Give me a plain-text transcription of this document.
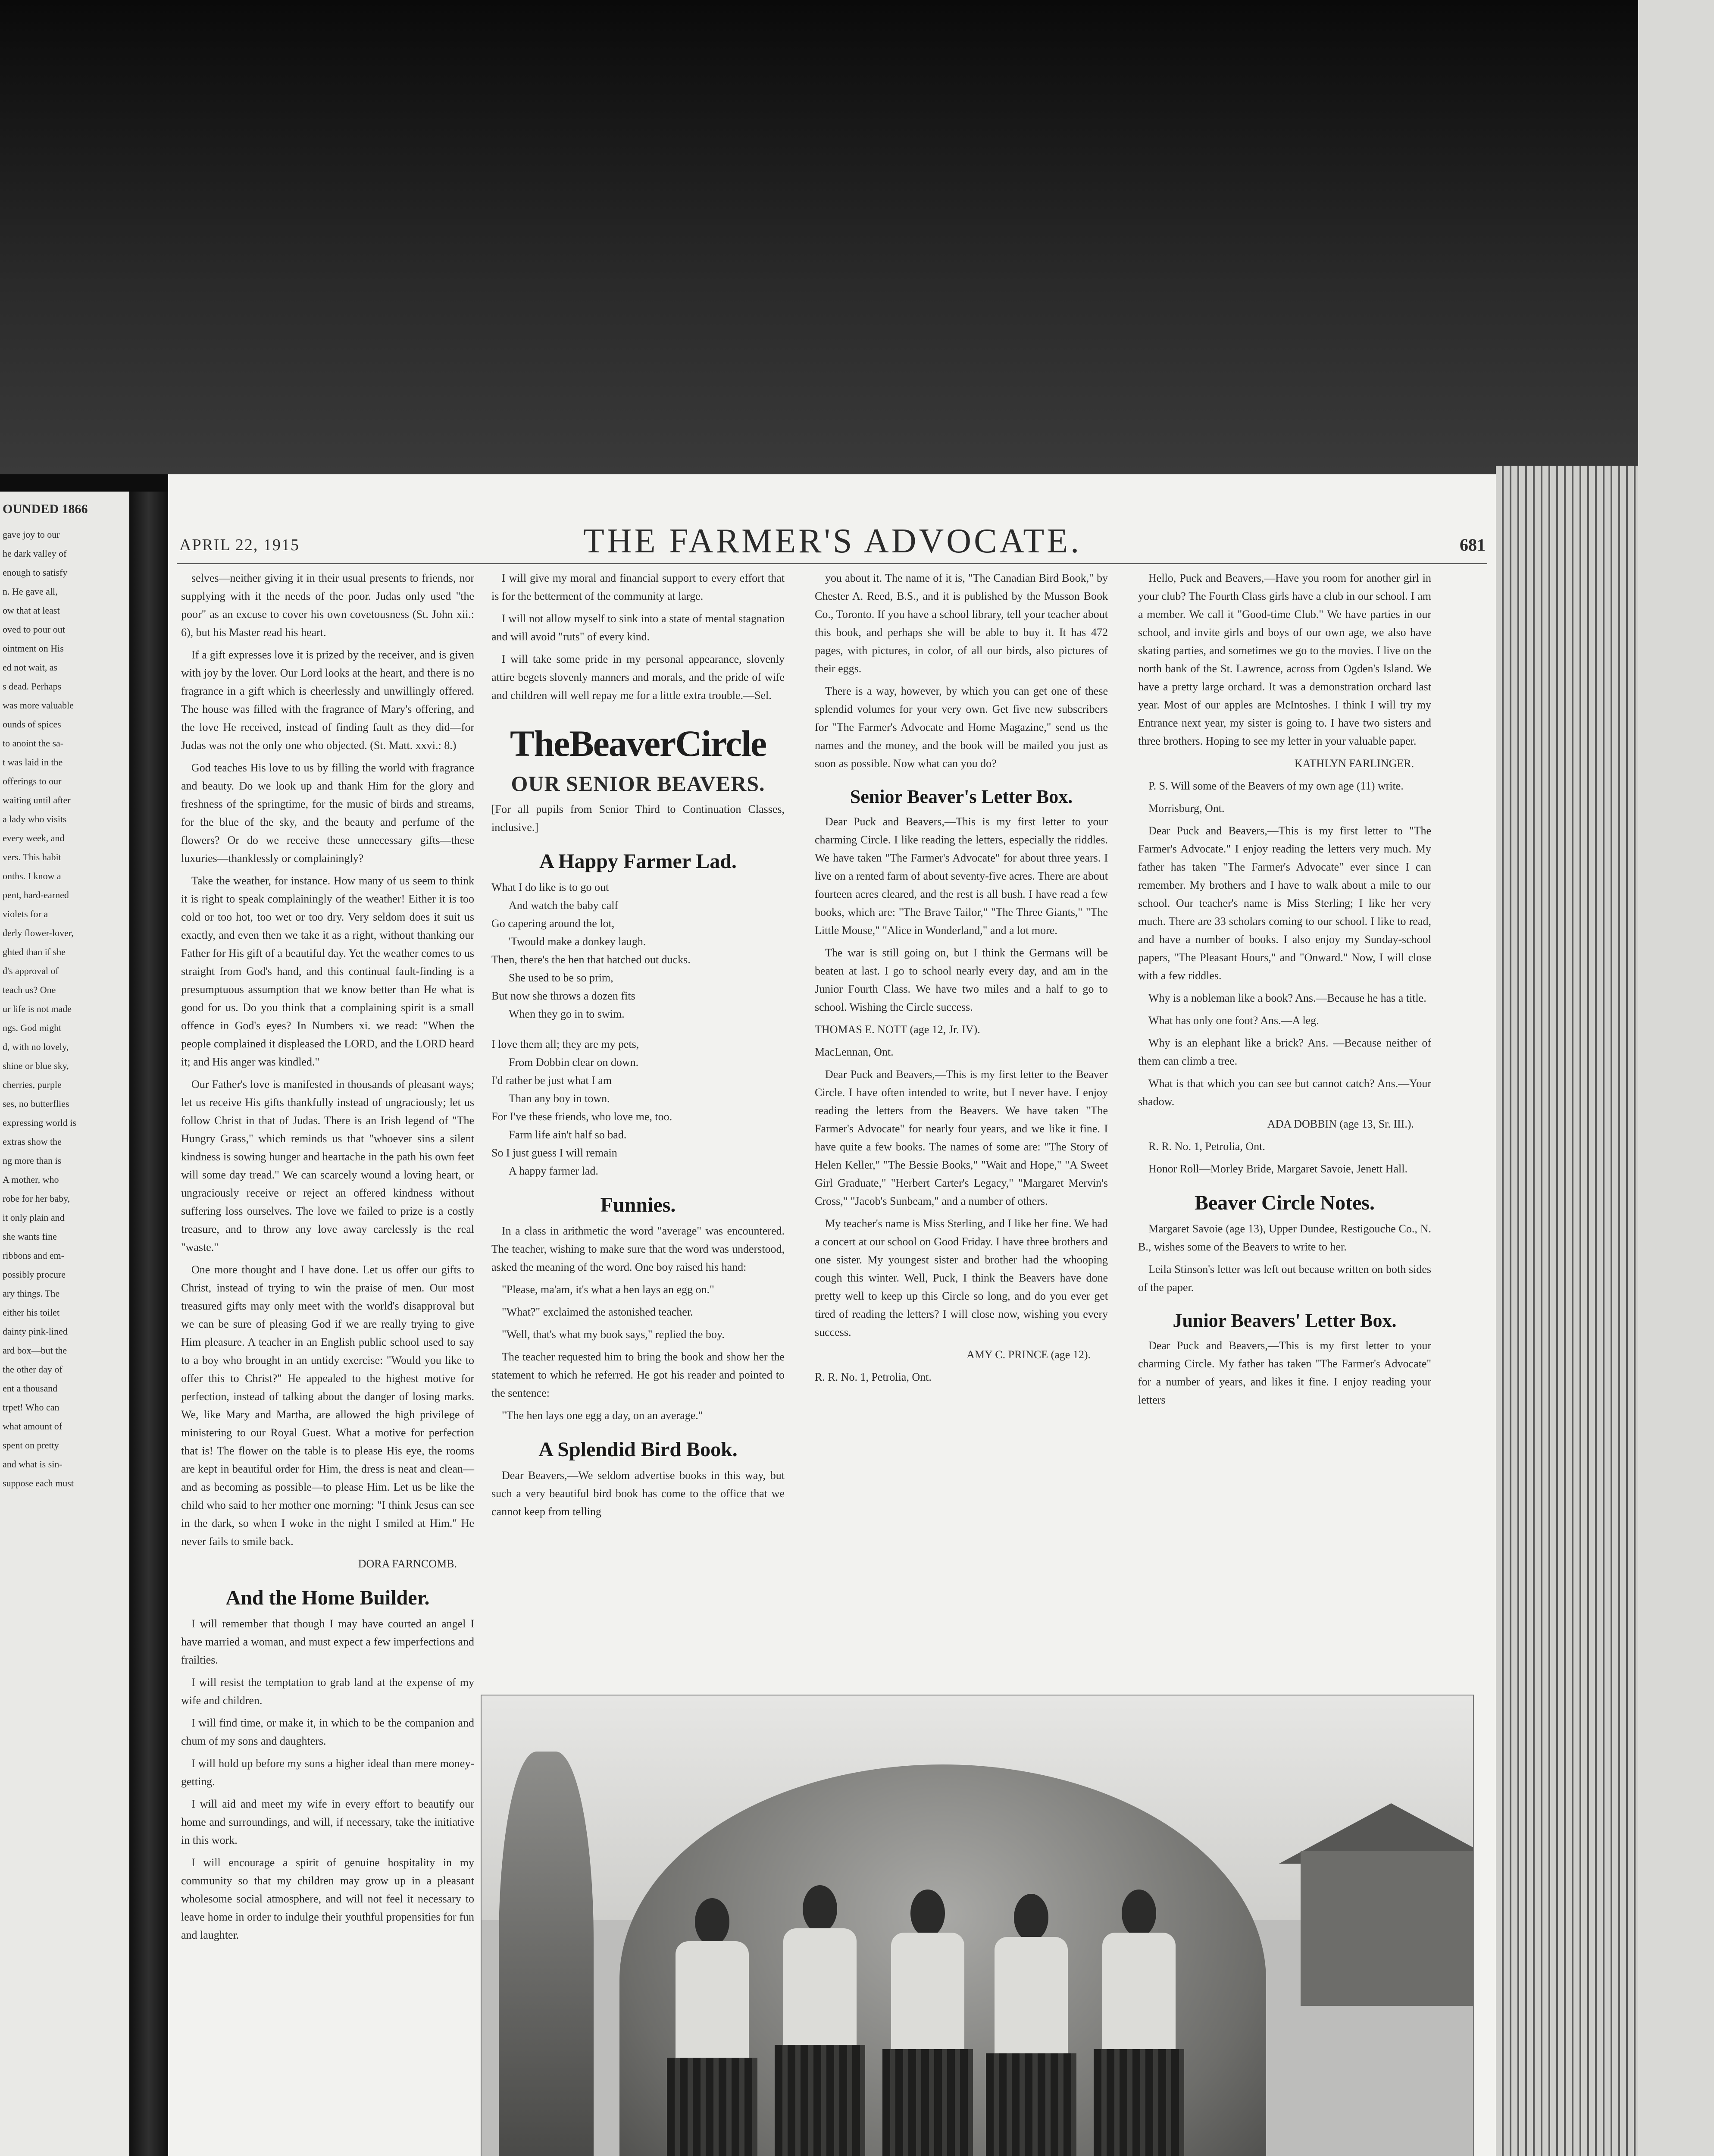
OUNDED 1866

gave joy to our

he dark valley of

enough to satisfy

n. He gave all,

ow that at least

oved to pour out

ointment on His

ed not wait, as

s dead. Perhaps

was more valuable

ounds of spices

to anoint the sa-

t was laid in the

offerings to our

waiting until after

a lady who visits

every week, and

vers. This habit

onths. I know a

pent, hard-earned

violets for a

derly flower-lover,

ghted than if she

d's approval of

teach us? One

ur life is not made

ngs. God might

d, with no lovely,

shine or blue sky,

cherries, purple

ses, no butterflies

expressing world is

extras show the

ng more than is

A mother, who

robe for her baby,

it only plain and

she wants fine

ribbons and em-

possibly procure

ary things. The

either his toilet

dainty pink-lined

ard box—but the

the other day of

ent a thousand

trpet! Who can

what amount of

spent on pretty

and what is sin-

suppose each must

APRIL 22, 1915	THE FARMER'S ADVOCATE.	681

selves—neither giving it in their usual presents to friends, nor supplying with it the needs of the poor. Judas only used "the poor" as an excuse to cover his own covetousness (St. John xii.: 6), but his Master read his heart.

If a gift expresses love it is prized by the receiver, and is given with joy by the lover. Our Lord looks at the heart, and there is no fragrance in a gift which is cheerlessly and unwillingly offered. The house was filled with the fragrance of Mary's offering, and the love He received, instead of finding fault as they did—for Judas was not the only one who objected. (St. Matt. xxvi.: 8.)

God teaches His love to us by filling the world with fragrance and beauty. Do we look up and thank Him for the glory and freshness of the springtime, for the music of birds and streams, for the blue of the sky, and the beauty and perfume of the flowers? Or do we receive these unnecessary gifts—these luxuries—thanklessly or complainingly?

Take the weather, for instance. How many of us seem to think it is right to speak complainingly of the weather! Either it is too cold or too hot, too wet or too dry. Very seldom does it suit us exactly, and even then we take it as a right, without thanking our Father for His gift of a beautiful day. Yet the weather comes to us straight from God's hand, and this continual fault-finding is a presumptuous assumption that we know better than He what is good for us. Do you think that a complaining spirit is a small offence in God's eyes? In Numbers xi. we read: "When the people complained it displeased the LORD, and the LORD heard it; and His anger was kindled."

Our Father's love is manifested in thousands of pleasant ways; let us receive His gifts thankfully instead of ungraciously; let us follow Christ in that of Judas. There is an Irish legend of "The Hungry Grass," which reminds us that "whoever sins a silent kindness is sowing hunger and heartache in the path his own feet will some day tread." We can scarcely wound a loving heart, or ungraciously receive or reject an offered kindness without suffering loss ourselves. The love we failed to prize is a costly treasure, and to throw any love away carelessly is the real "waste."

One more thought and I have done. Let us offer our gifts to Christ, instead of trying to win the praise of men. Our most treasured gifts may only meet with the world's disapproval but we can be sure of pleasing God if we are really trying to give Him pleasure. A teacher in an English public school used to say to a boy who brought in an untidy exercise: "Would you like to offer this to Christ?" He appealed to the highest motive for perfection, instead of talking about the danger of losing marks. We, like Mary and Martha, are allowed the high privilege of ministering to our Royal Guest. What a motive for perfection that is! The flower on the table is to please His eye, the rooms are kept in beautiful order for Him, the dress is neat and clean—and as becoming as possible—to please Him. Let us be like the child who said to her mother one morning: "I think Jesus can see in the dark, so when I woke in the night I smiled at Him." He never fails to smile back.

DORA FARNCOMB.

And the Home Builder.

I will remember that though I may have courted an angel I have married a woman, and must expect a few imperfections and frailties.

I will resist the temptation to grab land at the expense of my wife and children.

I will find time, or make it, in which to be the companion and chum of my sons and daughters.

I will hold up before my sons a higher ideal than mere money-getting.

I will aid and meet my wife in every effort to beautify our home and surroundings, and will, if necessary, take the initiative in this work.

I will encourage a spirit of genuine hospitality in my community so that my children may grow up in a pleasant wholesome social atmosphere, and will not feel it necessary to leave home in order to indulge their youthful propensities for fun and laughter.

I will give my moral and financial support to every effort that is for the betterment of the community at large.

I will not allow myself to sink into a state of mental stagnation and will avoid "ruts" of every kind.

I will take some pride in my personal appearance, slovenly attire begets slovenly manners and morals, and the pride of wife and children will well repay me for a little extra trouble.—Sel.

TheBeaverCircle
OUR SENIOR BEAVERS.

[For all pupils from Senior Third to Continuation Classes, inclusive.]

A Happy Farmer Lad.

What I do like is to go out

And watch the baby calf

Go capering around the lot,

'Twould make a donkey laugh.

Then, there's the hen that hatched out ducks.

She used to be so prim,

But now she throws a dozen fits

When they go in to swim.

I love them all; they are my pets,

From Dobbin clear on down.

I'd rather be just what I am

Than any boy in town.

For I've these friends, who love me, too.

Farm life ain't half so bad.

So I just guess I will remain

A happy farmer lad.

Funnies.

In a class in arithmetic the word "average" was encountered. The teacher, wishing to make sure that the word was understood, asked the meaning of the word. One boy raised his hand:

"Please, ma'am, it's what a hen lays an egg on."

"What?" exclaimed the astonished teacher.

"Well, that's what my book says," replied the boy.

The teacher requested him to bring the book and show her the statement to which he referred. He got his reader and pointed to the sentence:

"The hen lays one egg a day, on an average."

A Splendid Bird Book.

Dear Beavers,—We seldom advertise books in this way, but such a very beautiful bird book has come to the office that we cannot keep from telling

you about it. The name of it is, "The Canadian Bird Book," by Chester A. Reed, B.S., and it is published by the Musson Book Co., Toronto. If you have a school library, tell your teacher about this book, and perhaps she will be able to buy it. It has 472 pages, with pictures, in color, of all our birds, also pictures of their eggs.

There is a way, however, by which you can get one of these splendid volumes for your very own. Get five new subscribers for "The Farmer's Advocate and Home Magazine," send us the names and the money, and the book will be mailed you just as soon as possible. Now what can you do?

Senior Beaver's Letter Box.

Dear Puck and Beavers,—This is my first letter to your charming Circle. I like reading the letters, especially the riddles. We have taken "The Farmer's Advocate" for about three years. I live on a rented farm of about seventy-five acres. There are about fourteen acres cleared, and the rest is all bush. I have read a few books, which are: "The Brave Tailor," "The Three Giants," "The Little Mouse," "Alice in Wonderland," and a lot more.

The war is still going on, but I think the Germans will be beaten at last. I go to school nearly every day, and am in the Junior Fourth Class. We have two miles and a half to go to school. Wishing the Circle success.

THOMAS E. NOTT (age 12, Jr. IV).

MacLennan, Ont.

Dear Puck and Beavers,—This is my first letter to the Beaver Circle. I have often intended to write, but I never have. I enjoy reading the letters from the Beavers. We have taken "The Farmer's Advocate" for nearly four years, and we like it fine. I have quite a few books. The names of some are: "The Story of Helen Keller," "The Bessie Books," "Wait and Hope," "A Sweet Girl Graduate," "Herbert Carter's Legacy," "Margaret Mervin's Cross," "Jacob's Sunbeam," and a number of others.

My teacher's name is Miss Sterling, and I like her fine. We had a concert at our school on Good Friday. I have three brothers and one sister. My youngest sister and brother had the whooping cough this winter. Well, Puck, I think the Beavers have done pretty well to keep up this Circle so long, and do you ever get tired of reading the letters? I will close now, wishing you every success.

AMY C. PRINCE (age 12).

R. R. No. 1, Petrolia, Ont.

Hello, Puck and Beavers,—Have you room for another girl in your club? The Fourth Class girls have a club in our school. I am a member. We call it "Good-time Club." We have parties in our school, and invite girls and boys of our own age, we also have skating parties, and sometimes we go to the movies. I live on the north bank of the St. Lawrence, across from Ogden's Island. We have a pretty large orchard. It was a demonstration orchard last year. Most of our apples are McIntoshes. I think I will try my Entrance next year, my sister is going to. I have two sisters and three brothers. Hoping to see my letter in your valuable paper.

KATHLYN FARLINGER.

P. S. Will some of the Beavers of my own age (11) write.

Morrisburg, Ont.

Dear Puck and Beavers,—This is my first letter to "The Farmer's Advocate." I enjoy reading the letters very much. My father has taken "The Farmer's Advocate" ever since I can remember. My brothers and I have to walk about a mile to our school. Our teacher's name is Miss Sterling; I like her very much. There are 33 scholars coming to our school. I like to read, and have a number of books. I also enjoy my Sunday-school papers, "The Pleasant Hours," and "Onward." Now, I will close with a few riddles.

Why is a nobleman like a book? Ans.—Because he has a title.

What has only one foot? Ans.—A leg.

Why is an elephant like a brick? Ans. —Because neither of them can climb a tree.

What is that which you can see but cannot catch? Ans.—Your shadow.

ADA DOBBIN (age 13, Sr. III.).

R. R. No. 1, Petrolia, Ont.

Honor Roll—Morley Bride, Margaret Savoie, Jenett Hall.

Beaver Circle Notes.

Margaret Savoie (age 13), Upper Dundee, Restigouche Co., N. B., wishes some of the Beavers to write to her.

Leila Stinson's letter was left out because written on both sides of the paper.

Junior Beavers' Letter Box.

Dear Puck and Beavers,—This is my first letter to your charming Circle. My father has taken "The Farmer's Advocate" for a number of years, and likes it fine. I enjoy reading your letters
